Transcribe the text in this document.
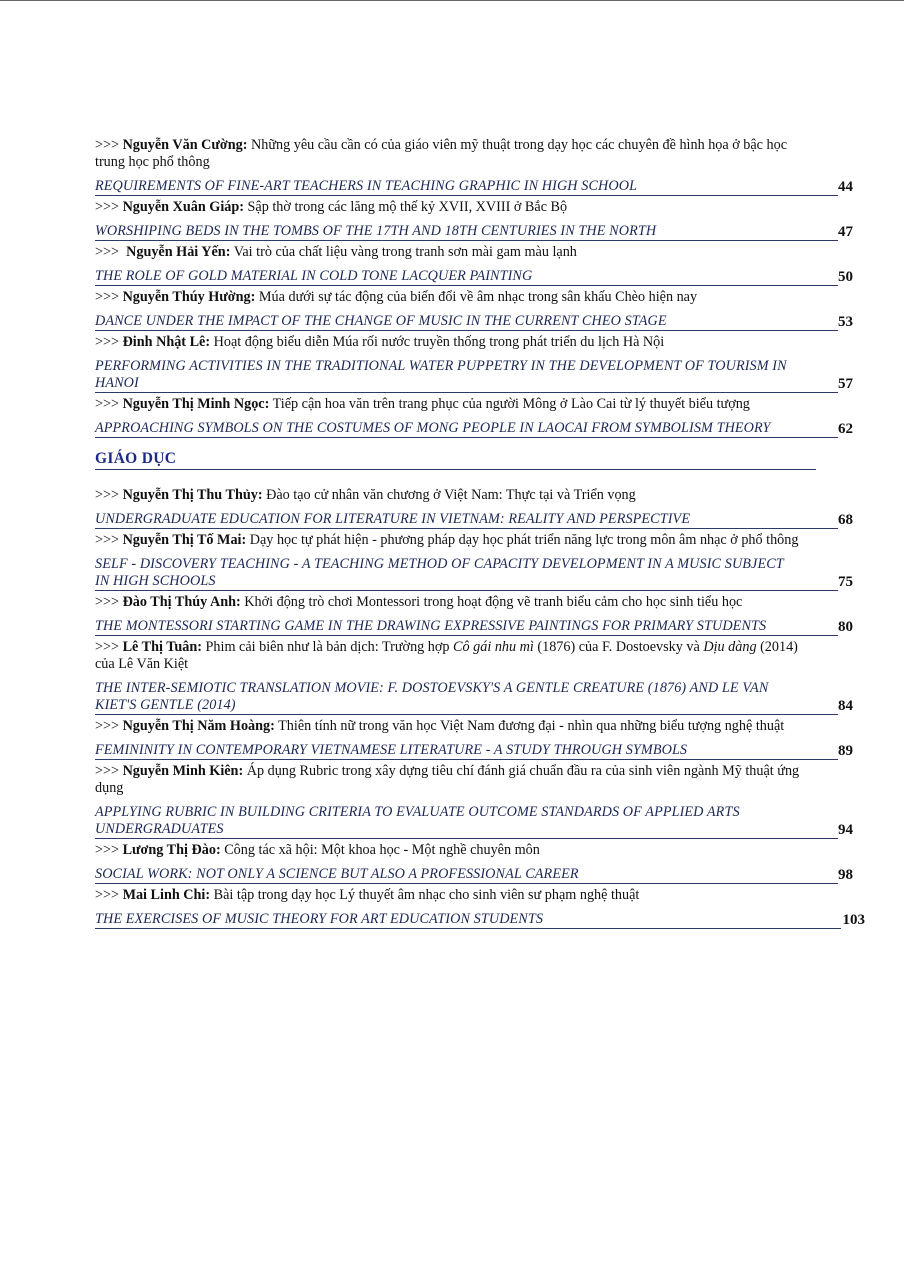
>>> Nguyễn Văn Cường: Những yêu cầu cần có của giáo viên mỹ thuật trong dạy học các chuyên đề hình họa ở bậc học trung học phổ thông
REQUIREMENTS OF FINE-ART TEACHERS IN TEACHING GRAPHIC IN HIGH SCHOOL	44
>>> Nguyễn Xuân Giáp: Sập thờ trong các lăng mộ thế kỷ XVII, XVIII ở Bắc Bộ
WORSHIPING BEDS IN THE TOMBS OF THE 17TH AND 18TH CENTURIES IN THE NORTH	47
>>>  Nguyễn Hải Yến: Vai trò của chất liệu vàng trong tranh sơn mài gam màu lạnh
THE ROLE OF GOLD MATERIAL IN COLD TONE LACQUER PAINTING	50
>>> Nguyễn Thúy Hường: Múa dưới sự tác động của biến đổi về âm nhạc trong sân khấu Chèo hiện nay
DANCE UNDER THE IMPACT OF THE CHANGE OF MUSIC IN THE CURRENT CHEO STAGE	53
>>> Đinh Nhật Lê: Hoạt động biểu diễn Múa rối nước truyền thống trong phát triển du lịch Hà Nội
PERFORMING ACTIVITIES IN THE TRADITIONAL WATER PUPPETRY IN THE DEVELOPMENT OF TOURISM IN HANOI	57
>>> Nguyễn Thị Minh Ngọc: Tiếp cận hoa văn trên trang phục của người Mông ở Lào Cai từ lý thuyết biểu tượng
APPROACHING SYMBOLS ON THE COSTUMES OF MONG PEOPLE IN LAOCAI FROM SYMBOLISM THEORY	62
GIÁO DỤC
>>> Nguyễn Thị Thu Thủy: Đào tạo cử nhân văn chương ở Việt Nam: Thực tại và Triển vọng
UNDERGRADUATE EDUCATION FOR LITERATURE IN VIETNAM: REALITY AND PERSPECTIVE	68
>>> Nguyễn Thị Tố Mai: Dạy học tự phát hiện - phương pháp dạy học phát triển năng lực trong môn âm nhạc ở phổ thông
SELF - DISCOVERY TEACHING - A TEACHING METHOD OF CAPACITY DEVELOPMENT IN A MUSIC SUBJECT IN HIGH SCHOOLS	75
>>> Đào Thị Thúy Anh: Khởi động trò chơi Montessori trong hoạt động vẽ tranh biểu cảm cho học sinh tiểu học
THE MONTESSORI STARTING GAME IN THE DRAWING EXPRESSIVE PAINTINGS FOR PRIMARY STUDENTS	80
>>> Lê Thị Tuân: Phim cải biên như là bản dịch: Trường hợp Cô gái nhu mì (1876) của F. Dostoevsky và Dịu dàng (2014) của Lê Văn Kiệt
THE INTER-SEMIOTIC TRANSLATION MOVIE: F. DOSTOEVSKY'S A GENTLE CREATURE (1876) AND LE VAN KIET'S GENTLE (2014)	84
>>> Nguyễn Thị Năm Hoàng: Thiên tính nữ trong văn học Việt Nam đương đại - nhìn qua những biểu tượng nghệ thuật
FEMININITY IN CONTEMPORARY VIETNAMESE LITERATURE - A STUDY THROUGH SYMBOLS	89
>>> Nguyễn Minh Kiên: Áp dụng Rubric trong xây dựng tiêu chí đánh giá chuẩn đầu ra của sinh viên ngành Mỹ thuật ứng dụng
APPLYING RUBRIC IN BUILDING CRITERIA TO EVALUATE OUTCOME STANDARDS OF APPLIED ARTS UNDERGRADUATES	94
>>> Lương Thị Đào: Công tác xã hội: Một khoa học - Một nghề chuyên môn
SOCIAL WORK: NOT ONLY A SCIENCE BUT ALSO A PROFESSIONAL CAREER	98
>>> Mai Linh Chi: Bài tập trong dạy học Lý thuyết âm nhạc cho sinh viên sư phạm nghệ thuật
THE EXERCISES OF MUSIC THEORY FOR ART EDUCATION STUDENTS	103
